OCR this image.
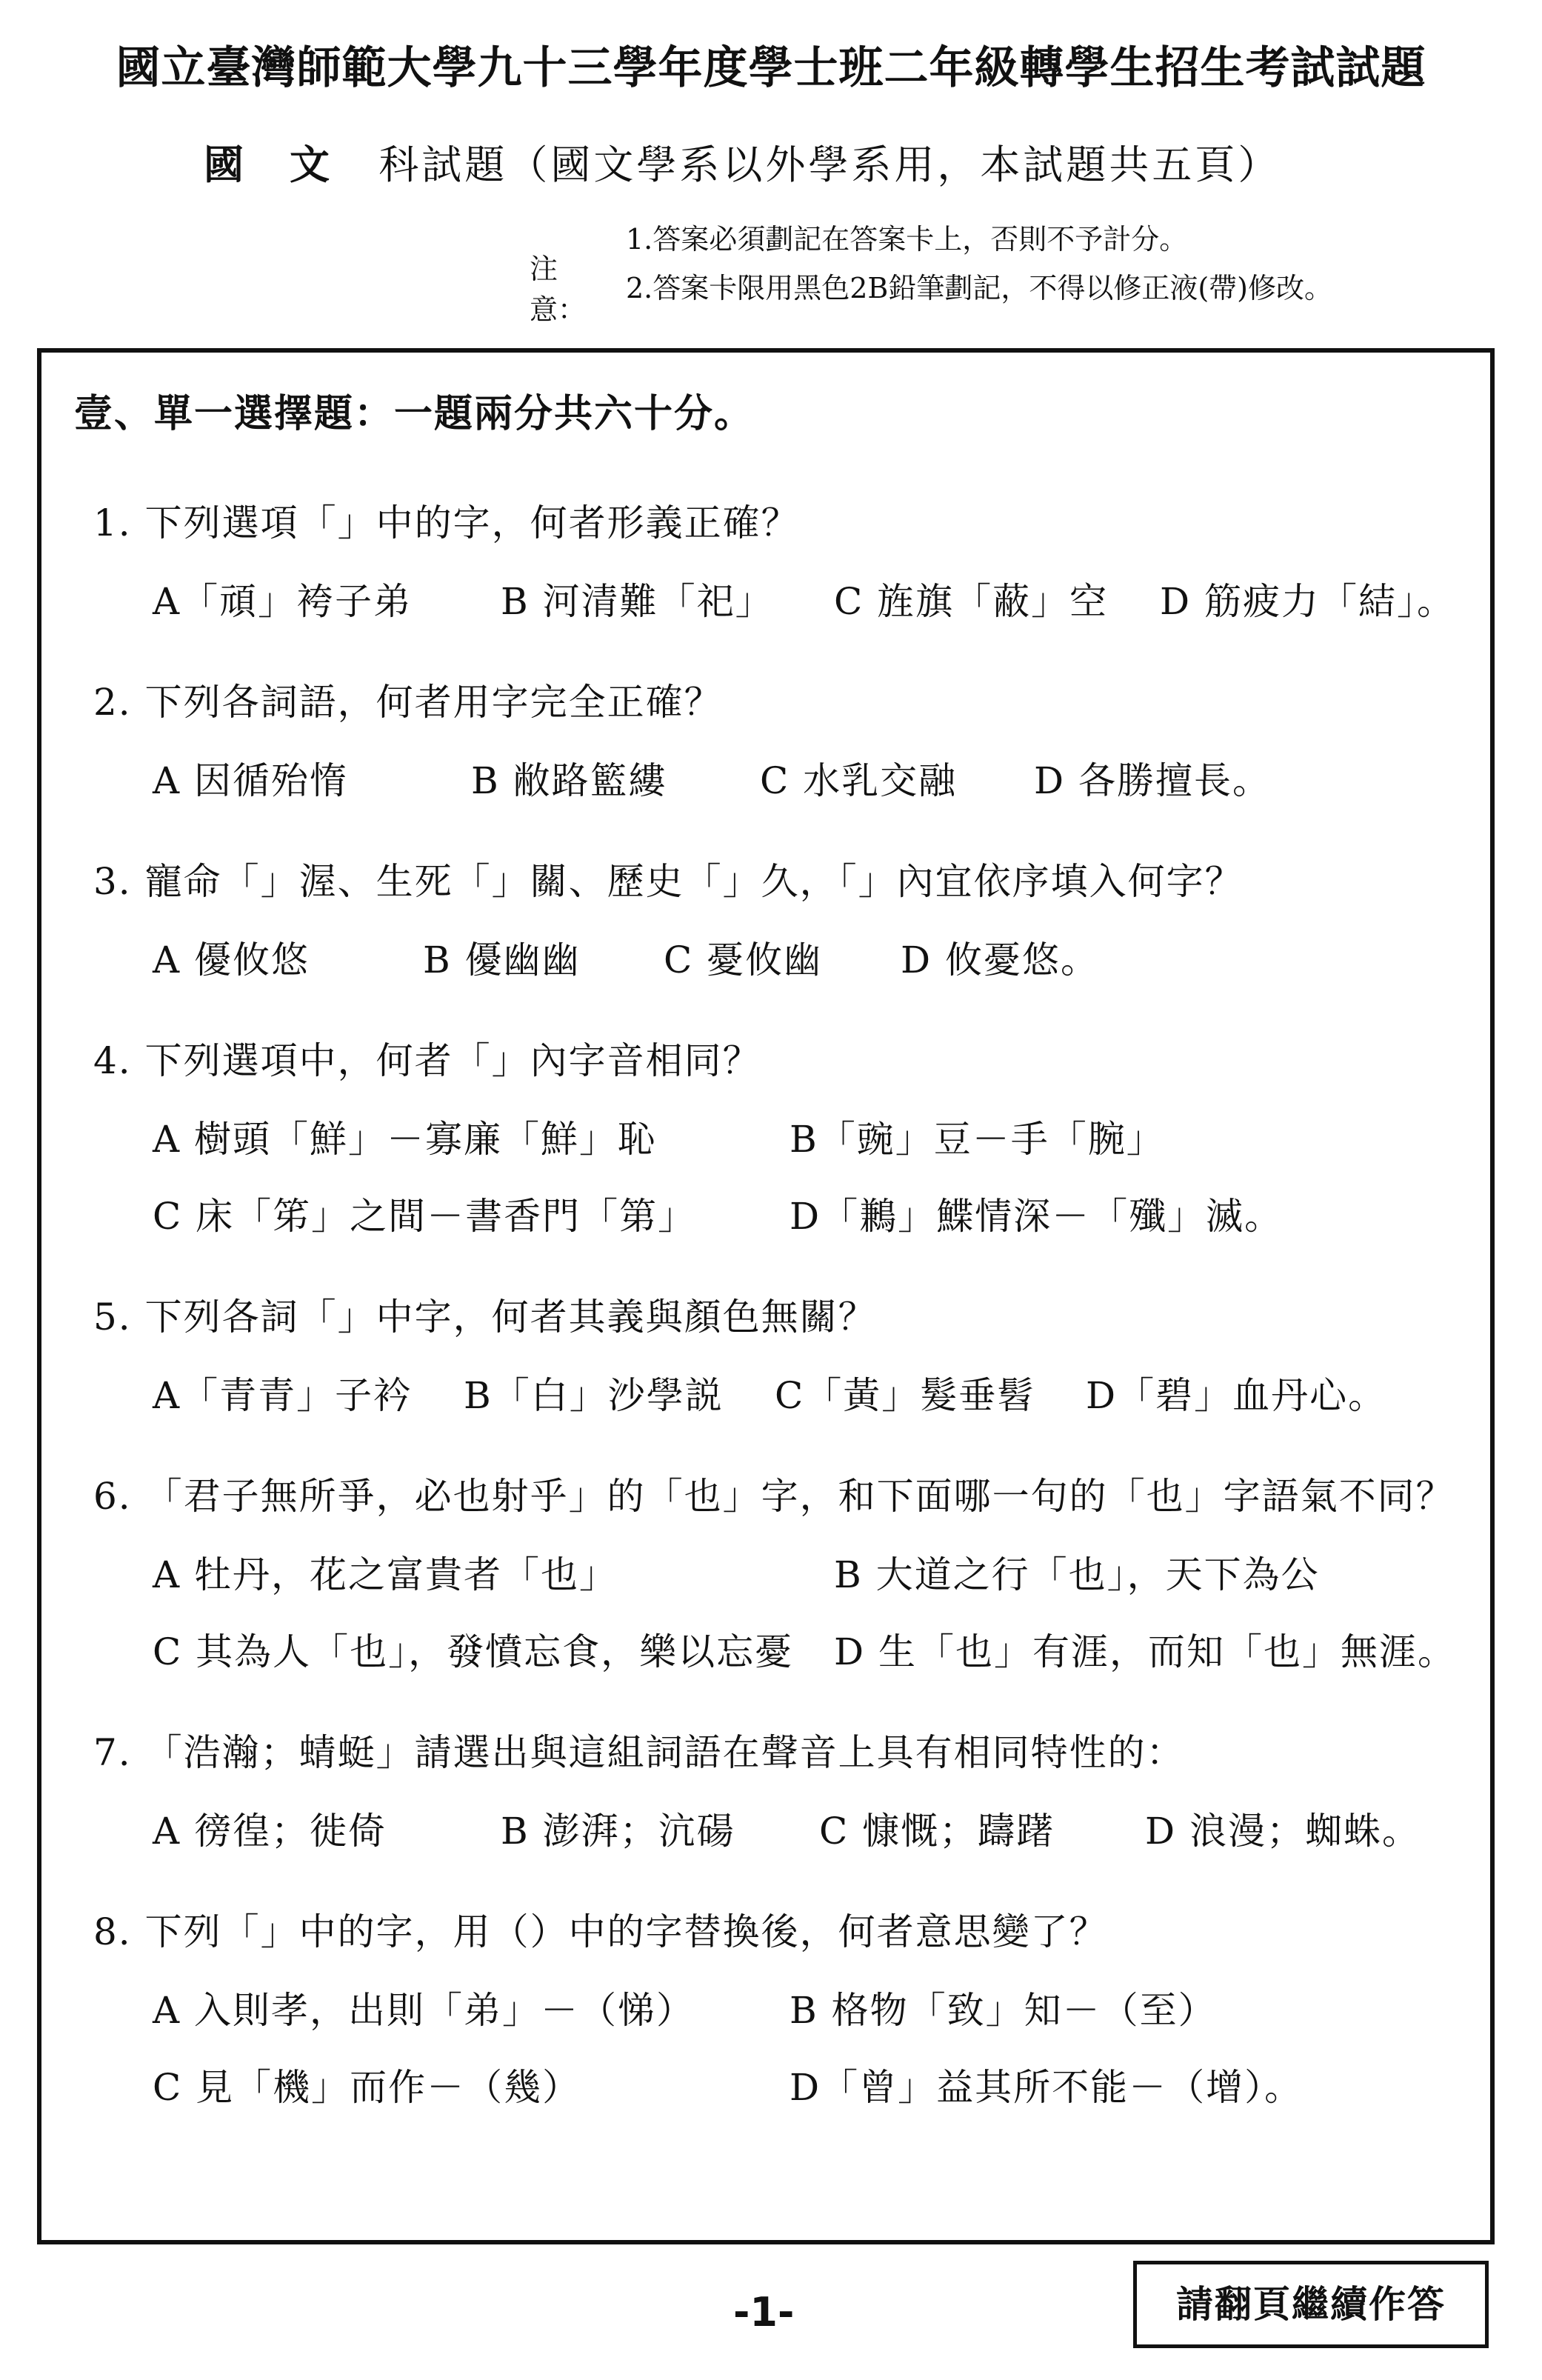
國立臺灣師範大學九十三學年度學士班二年級轉學生招生考試試題
國　文 科試題（國文學系以外學系用，本試題共五頁）
注意：
1.答案必須劃記在答案卡上，否則不予計分。
2.答案卡限用黑色2B鉛筆劃記，不得以修正液(帶)修改。
壹、單一選擇題：一題兩分共六十分。
1. 下列選項「」中的字，何者形義正確？
A「頑」袴子弟 B 河清難「祀」 C 旌旗「蔽」空 D 筋疲力「結」。
2. 下列各詞語，何者用字完全正確？
A 因循殆惰	B 敝路籃縷	C 水乳交融 D 各勝擅長。
3. 寵命「」渥、生死「」關、歷史「」久，「」內宜依序填入何字？
A 優攸悠	B 優幽幽 C 憂攸幽 D 攸憂悠。
4. 下列選項中，何者「」內字音相同？
A 樹頭「鮮」－寡廉「鮮」恥	B「豌」豆－手「腕」
C 床「笫」之間－書香門「第」	D「鶼」鰈情深－「殲」滅。
5. 下列各詞「」中字，何者其義與顏色無關？
A「青青」子衿 B「白」沙學説 C「黃」髮垂髫 D「碧」血丹心。
6. 「君子無所爭，必也射乎」的「也」字，和下面哪一句的「也」字語氣不同？
A 牡丹，花之富貴者「也」	B 大道之行「也」，天下為公
C 其為人「也」，發憤忘食，樂以忘憂 D 生「也」有涯，而知「也」無涯。
7. 「浩瀚；蜻蜓」請選出與這組詞語在聲音上具有相同特性的：
A 徬徨；徙倚	B 澎湃；沆碭 C 慷慨；躊躇 D 浪漫；蜘蛛。
8. 下列「」中的字，用（）中的字替換後，何者意思變了？
A 入則孝，出則「弟」－（悌）	B 格物「致」知－（至）
C 見「機」而作－（幾）	D「曾」益其所不能－（增）。
-1-	請翻頁繼續作答
